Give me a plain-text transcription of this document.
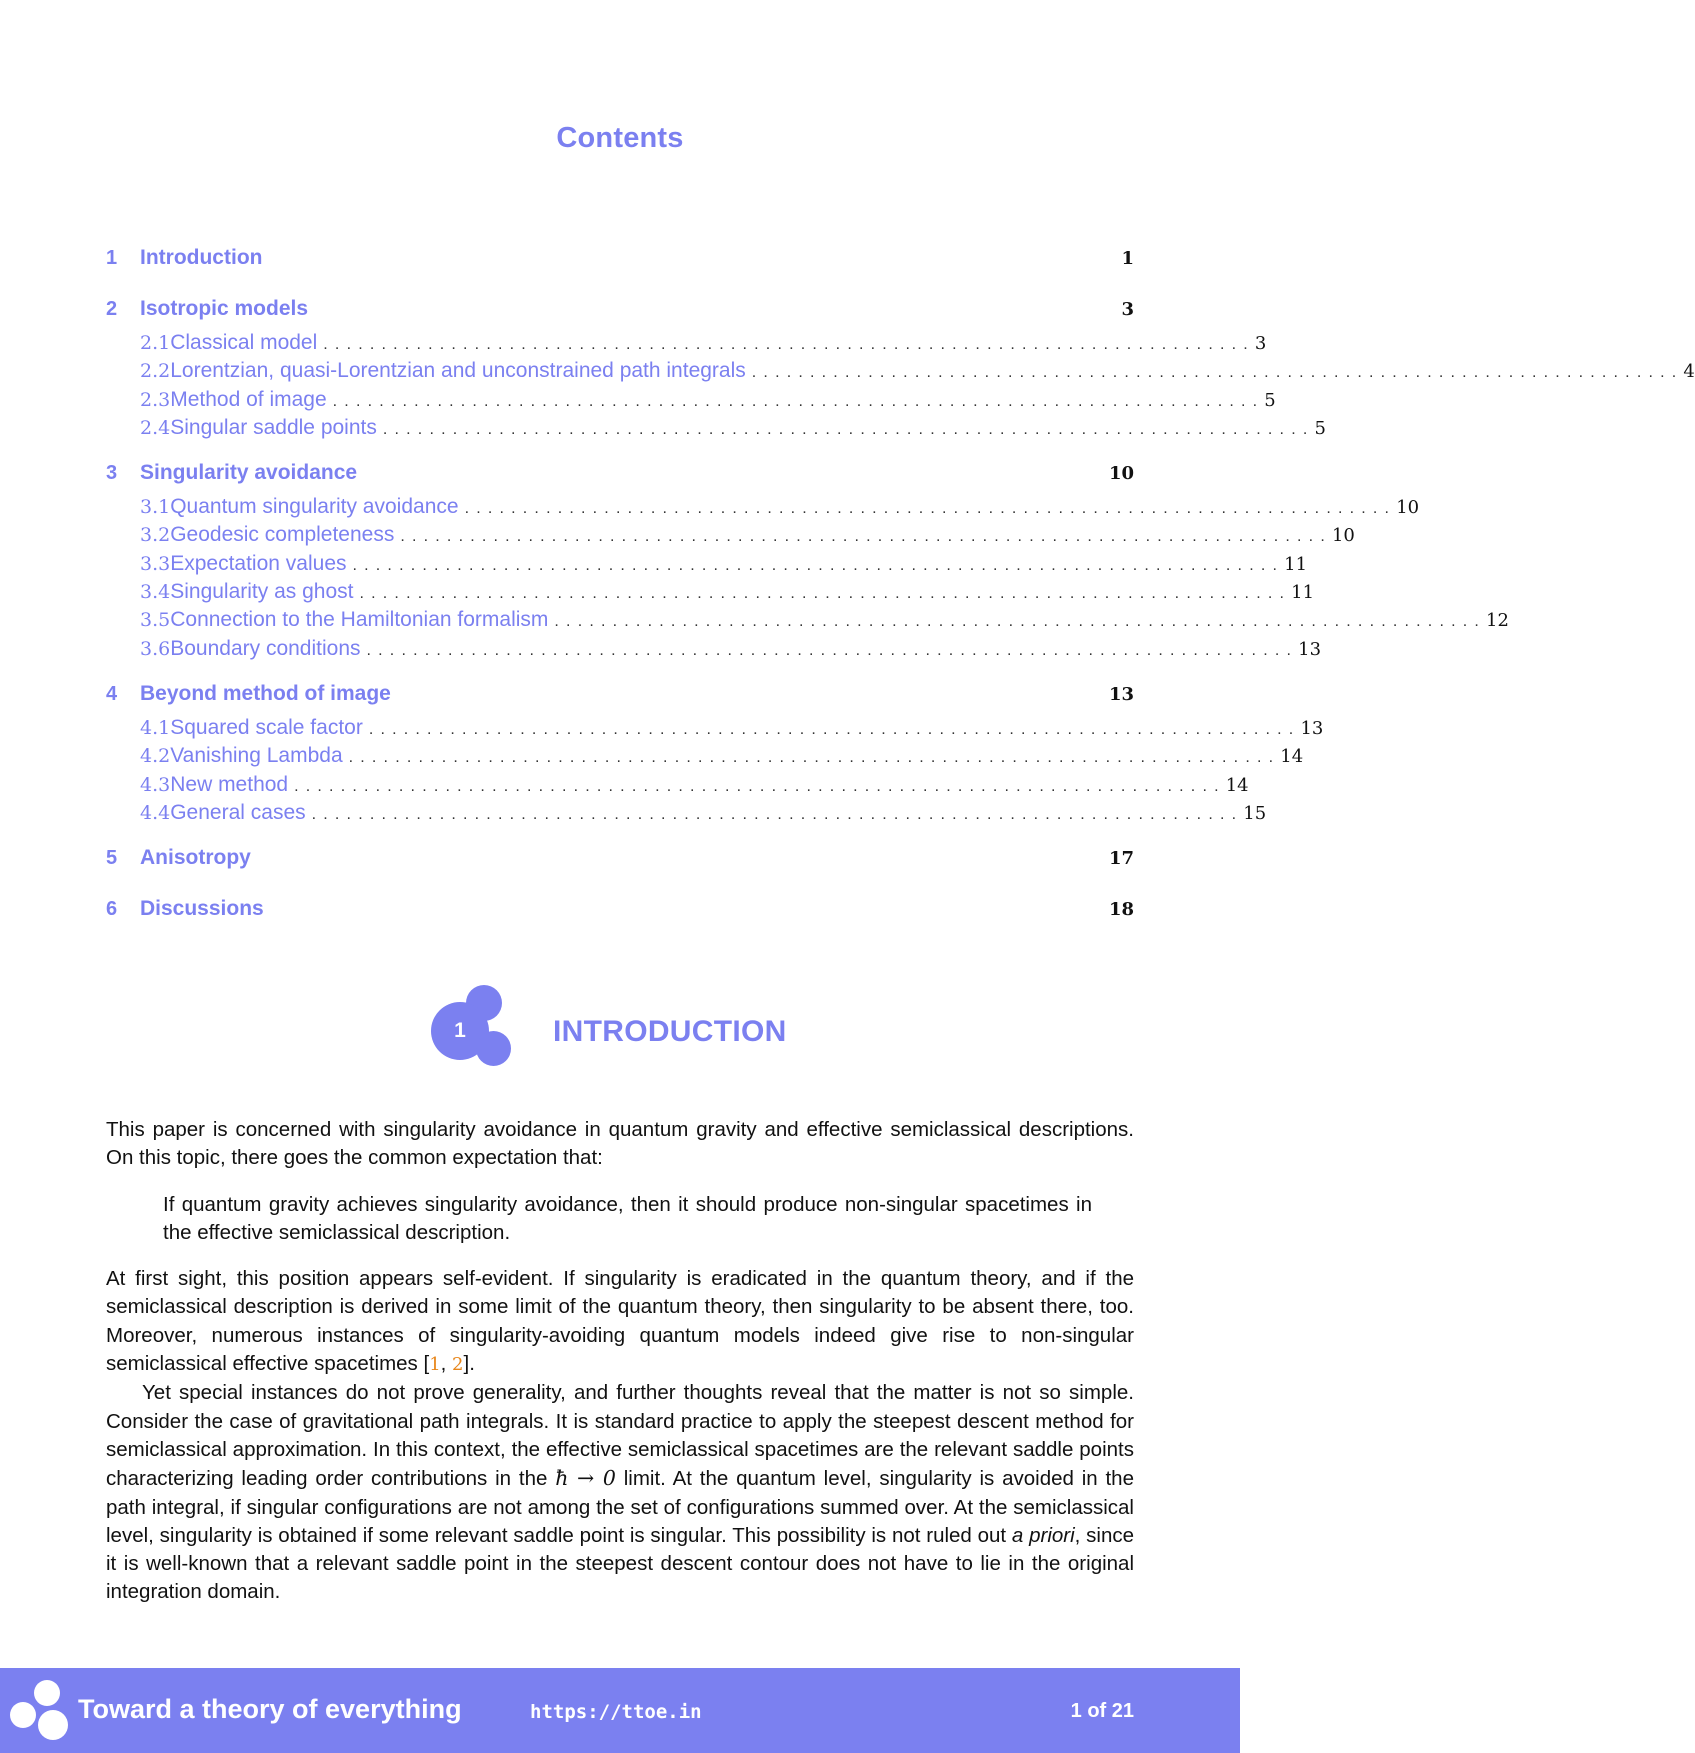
Contents
1	Introduction	1
2	Isotropic models	3
2.1 Classical model ................................................................................ 3
2.2 Lorentzian, quasi-Lorentzian and unconstrained path integrals ................................................................................ 4
2.3 Method of image ................................................................................ 5
2.4 Singular saddle points ................................................................................ 5
3	Singularity avoidance	10
3.1 Quantum singularity avoidance ................................................................................ 10
3.2 Geodesic completeness ................................................................................ 10
3.3 Expectation values ................................................................................ 11
3.4 Singularity as ghost ................................................................................ 11
3.5 Connection to the Hamiltonian formalism ................................................................................ 12
3.6 Boundary conditions ................................................................................ 13
4	Beyond method of image	13
4.1 Squared scale factor ................................................................................ 13
4.2 Vanishing Lambda ................................................................................ 14
4.3 New method ................................................................................ 14
4.4 General cases ................................................................................ 15
5	Anisotropy	17
6	Discussions	18
1	INTRODUCTION

This paper is concerned with singularity avoidance in quantum gravity and effective semiclassical descriptions. On this topic, there goes the common expectation that:

If quantum gravity achieves singularity avoidance, then it should produce non-singular spacetimes in the effective semiclassical description.

At first sight, this position appears self-evident. If singularity is eradicated in the quantum theory, and if the semiclassical description is derived in some limit of the quantum theory, then singularity to be absent there, too. Moreover, numerous instances of singularity-avoiding quantum models indeed give rise to non-singular semiclassical effective spacetimes [1, 2].

Yet special instances do not prove generality, and further thoughts reveal that the matter is not so simple. Consider the case of gravitational path integrals. It is standard practice to apply the steepest descent method for semiclassical approximation. In this context, the effective semiclassical spacetimes are the relevant saddle points characterizing leading order contributions in the ħ → 0 limit. At the quantum level, singularity is avoided in the path integral, if singular configurations are not among the set of configurations summed over. At the semiclassical level, singularity is obtained if some relevant saddle point is singular. This possibility is not ruled out a priori, since it is well-known that a relevant saddle point in the steepest descent contour does not have to lie in the original integration domain.

Toward a theory of everything	https://ttoe.in	1 of 21
